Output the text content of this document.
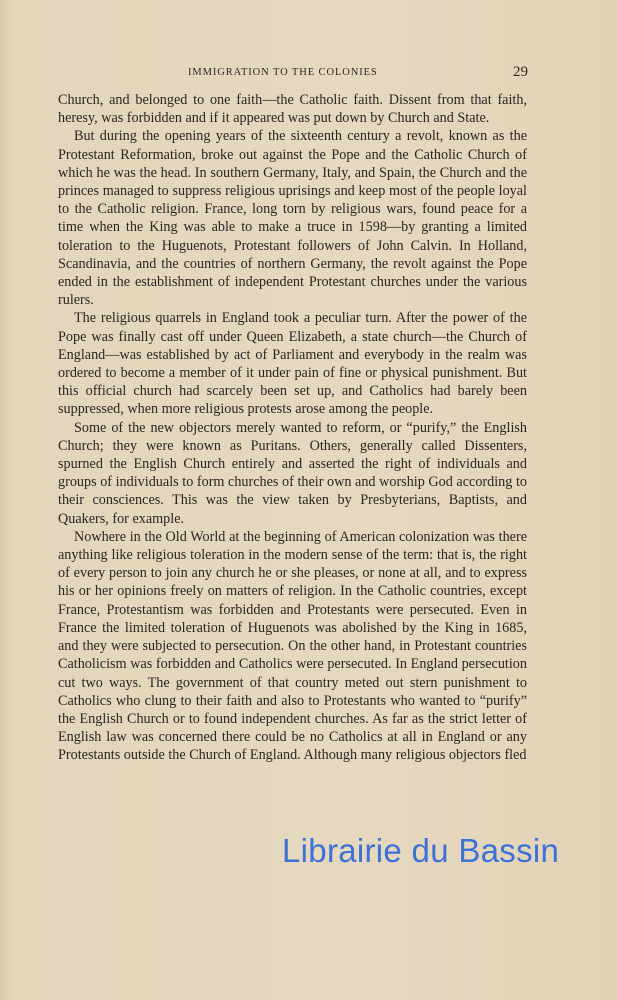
IMMIGRATION TO THE COLONIES	29

Church, and belonged to one faith—the Catholic faith. Dissent from that faith, heresy, was forbidden and if it appeared was put down by Church and State.

But during the opening years of the sixteenth century a revolt, known as the Protestant Reformation, broke out against the Pope and the Catholic Church of which he was the head. In southern Germany, Italy, and Spain, the Church and the princes managed to suppress religious uprisings and keep most of the people loyal to the Catholic religion. France, long torn by religious wars, found peace for a time when the King was able to make a truce in 1598—by granting a limited toleration to the Huguenots, Protestant followers of John Calvin. In Holland, Scandinavia, and the countries of northern Germany, the revolt against the Pope ended in the establishment of independent Protestant churches under the various rulers.

The religious quarrels in England took a peculiar turn. After the power of the Pope was finally cast off under Queen Elizabeth, a state church—the Church of England—was established by act of Parliament and everybody in the realm was ordered to become a member of it under pain of fine or physical punishment. But this official church had scarcely been set up, and Catholics had barely been suppressed, when more religious protests arose among the people.

Some of the new objectors merely wanted to reform, or “purify,” the English Church; they were known as Puritans. Others, generally called Dissenters, spurned the English Church entirely and asserted the right of individuals and groups of individuals to form churches of their own and worship God according to their consciences. This was the view taken by Presbyterians, Baptists, and Quakers, for example.

Nowhere in the Old World at the beginning of American colonization was there anything like religious toleration in the modern sense of the term: that is, the right of every person to join any church he or she pleases, or none at all, and to express his or her opinions freely on matters of religion. In the Catholic countries, except France, Protestantism was forbidden and Protestants were persecuted. Even in France the limited toleration of Huguenots was abolished by the King in 1685, and they were subjected to persecution. On the other hand, in Protestant countries Catholicism was forbidden and Catholics were persecuted. In England persecution cut two ways. The government of that country meted out stern punishment to Catholics who clung to their faith and also to Protestants who wanted to “purify” the English Church or to found independent churches. As far as the strict letter of English law was concerned there could be no Catholics at all in England or any Protestants outside the Church of England. Although many religious objectors fled

Librairie du Bassin
